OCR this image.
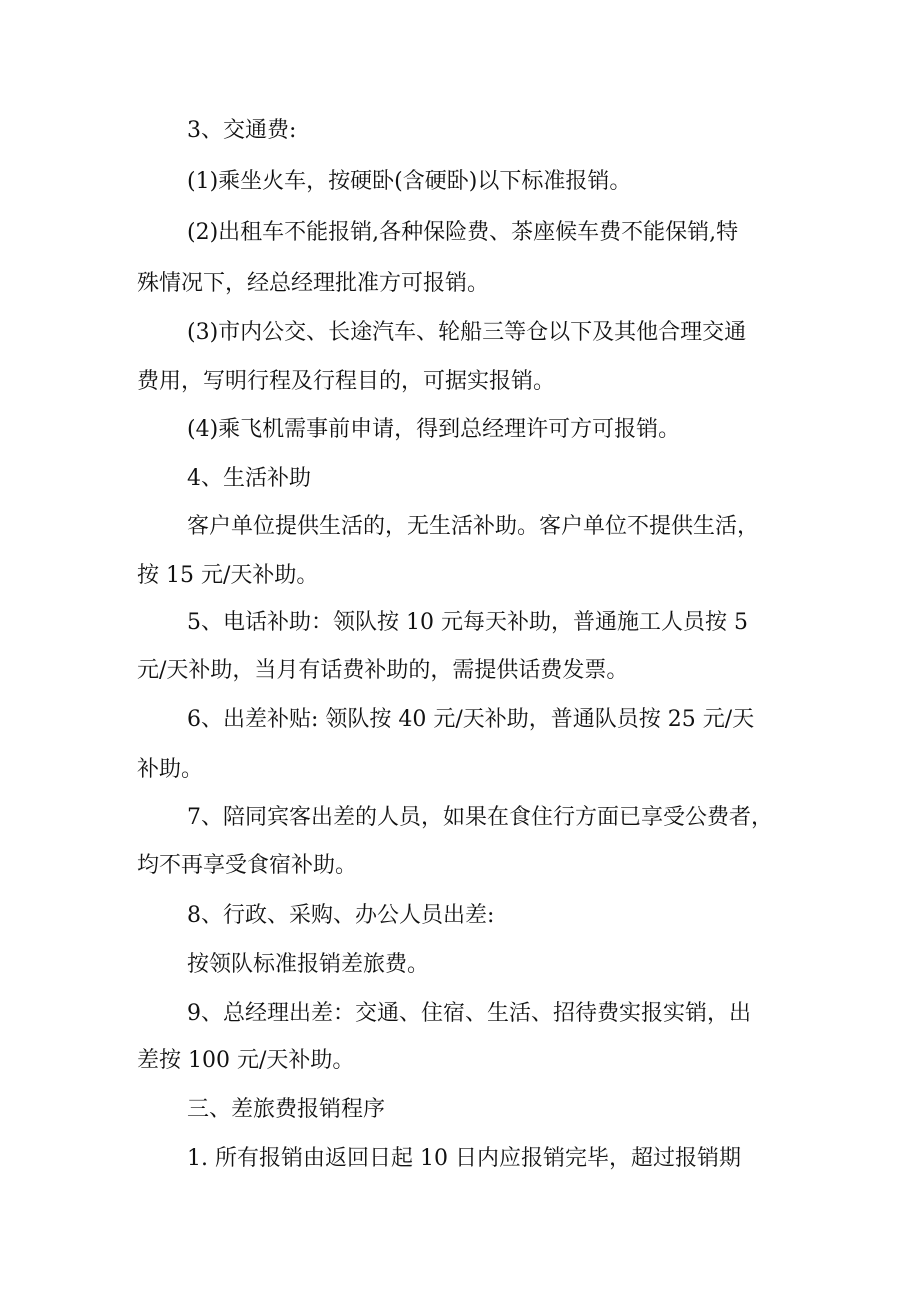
3、交通费:
(1)乘坐火车，按硬卧(含硬卧)以下标准报销。
(2)出租车不能报销,各种保险费、茶座候车费不能保销,特
殊情况下，经总经理批准方可报销。
(3)市内公交、长途汽车、轮船三等仓以下及其他合理交通
费用，写明行程及行程目的，可据实报销。
(4)乘飞机需事前申请，得到总经理许可方可报销。
4、生活补助
客户单位提供生活的，无生活补助。客户单位不提供生活，
按 15 元/天补助。
5、电话补助：领队按 10 元每天补助，普通施工人员按 5
元/天补助，当月有话费补助的，需提供话费发票。
6、出差补贴: 领队按 40 元/天补助，普通队员按 25 元/天
补助。
7、陪同宾客出差的人员，如果在食住行方面已享受公费者，
均不再享受食宿补助。
8、行政、采购、办公人员出差:
按领队标准报销差旅费。
9、总经理出差：交通、住宿、生活、招待费实报实销，出
差按 100 元/天补助。
三、差旅费报销程序
1. 所有报销由返回日起 10 日内应报销完毕，超过报销期
